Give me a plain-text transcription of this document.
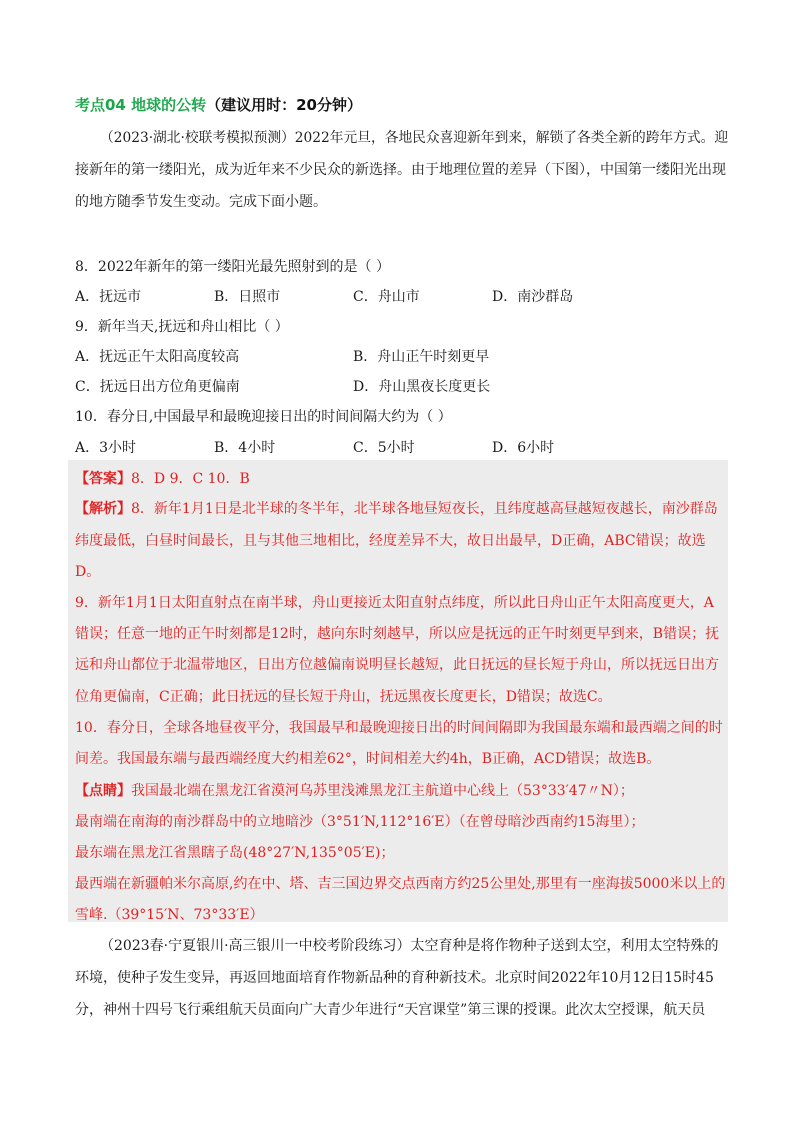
考点04 地球的公转（建议用时：20分钟）
（2023·湖北·校联考模拟预测）2022年元旦，各地民众喜迎新年到来，解锁了各类全新的跨年方式。迎
接新年的第一缕阳光，成为近年来不少民众的新选择。由于地理位置的差异（下图），中国第一缕阳光出现
的地方随季节发生变动。完成下面小题。
8．2022年新年的第一缕阳光最先照射到的是（ ）
A．抚远市	B．日照市	C．舟山市	D．南沙群岛
9．新年当天,抚远和舟山相比（ ）
A．抚远正午太阳高度较高	B．舟山正午时刻更早
C．抚远日出方位角更偏南	D．舟山黑夜长度更长
10．春分日,中国最早和最晚迎接日出的时间间隔大约为（ ）
A．3小时	B．4小时	C．5小时	D．6小时
【答案】8．D 9．C 10．B
【解析】8．新年1月1日是北半球的冬半年，北半球各地昼短夜长，且纬度越高昼越短夜越长，南沙群岛
纬度最低，白昼时间最长，且与其他三地相比，经度差异不大，故日出最早，D正确，ABC错误；故选
D。
9．新年1月1日太阳直射点在南半球，舟山更接近太阳直射点纬度，所以此日舟山正午太阳高度更大，A
错误；任意一地的正午时刻都是12时，越向东时刻越早，所以应是抚远的正午时刻更早到来，B错误；抚
远和舟山都位于北温带地区，日出方位越偏南说明昼长越短，此日抚远的昼长短于舟山，所以抚远日出方
位角更偏南，C正确；此日抚远的昼长短于舟山，抚远黑夜长度更长，D错误；故选C。
10．春分日，全球各地昼夜平分，我国最早和最晚迎接日出的时间间隔即为我国最东端和最西端之间的时
间差。我国最东端与最西端经度大约相差62°，时间相差大约4h，B正确，ACD错误；故选B。
【点睛】我国最北端在黑龙江省漠河乌苏里浅滩黑龙江主航道中心线上（53°33′47〃N）；
最南端在南海的南沙群岛中的立地暗沙（3°51′N,112°16′E）（在曾母暗沙西南约15海里）；
最东端在黑龙江省黑瞎子岛(48°27′N,135°05′E)；
最西端在新疆帕米尔高原,约在中、塔、吉三国边界交点西南方约25公里处,那里有一座海拔5000米以上的
雪峰.（39°15′N、73°33′E）
（2023春·宁夏银川·高三银川一中校考阶段练习）太空育种是将作物种子送到太空，利用太空特殊的
环境，使种子发生变异，再返回地面培育作物新品种的育种新技术。北京时间2022年10月12日15时45
分，神州十四号飞行乘组航天员面向广大青少年进行“天宫课堂”第三课的授课。此次太空授课，航天员
